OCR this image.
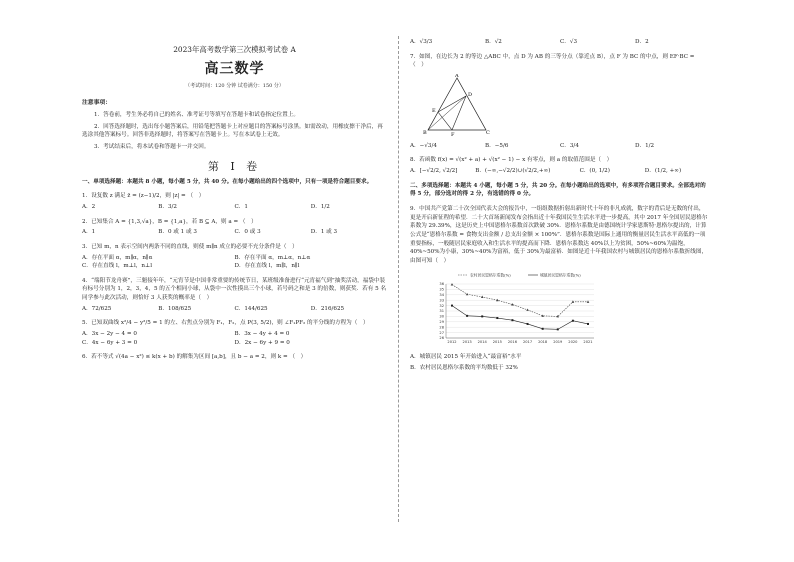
2023年高考数学第三次模拟考试卷 A
高三数学
（考试时间：120 分钟 试卷满分：150 分）
注意事项：

1．答卷前，考生务必将自己的姓名、准考证号等填写在答题卡和试卷指定位置上。

2．回答选择题时，选出每小题答案后，用铅笔把答题卡上对应题目的答案标号涂黑。如需改动，用橡皮擦干净后，再选涂其他答案标号。回答非选择题时，将答案写在答题卡上。写在本试卷上无效。

3．考试结束后，将本试卷和答题卡一并交回。

第 I 卷
一、单项选择题：本题共 8 小题，每小题 5 分，共 40 分。在每小题给出的四个选项中，只有一项是符合题目要求。
1．设复数 z 满足 z̄ = (z−1)/2，则 |z| = （　）
A．2	B．3/2	C．1	D．1/2
2．已知集合 A = {1,3,√a}，B = {1,a}，若 B ⊆ A，则 a = （　）
A．1	B．0 或 1 或 3	C．0 或 3	D．1 或 3
3．已知 m，n 表示空间内两条不同的直线，则使 m∥n 成立的必要不充分条件是（　）
A．存在平面 α，m∥α，n∥α	B．存在平面 α，m⊥α，n⊥α
C．存在直线 l，m⊥l，n⊥l	D．存在直线 l，m∥l，n∥l
4．“端阳节龙舟赛”，三魁接年年，“元宵节是中国非常重要的传统节日，某班级准备进行“元宵福气到”抽奖活动，福袋中装有标号分别为 1，2，3，4，5 的五个相同小球，从袋中一次性摸出三个小球，若号码之和是 3 的倍数，则获奖．若有 5 名同学参与此次活动，则恰好 3 人获奖的概率是（　）
A．72/625	B．108/625	C．144/625	D．216/625
5．已知双曲线 x²/4 − y²/5 = 1 的左、右焦点分别为 F₁，F₂，点 P(3, 5/2)，则 ∠F₁PF₂ 的平分线的方程为（　）
A．3x − 2y − 4 = 0	B．3x − 4y + 4 = 0
C．4x − 6y + 3 = 0	D．2x − 6y + 9 = 0
6．若不等式 √(4a − x²) ≤ k(x + b) 的解集为区间 [a,b]，且 b − a = 2，则 k = （　）
A．√3/3	B．√2	C．√3	D．2
7．如图，在边长为 2 的等边 △ABC 中，点 D 为 AB 的三等分点（靠近点 B），点 F 为 BC 的中点，则 EF·BC = （　）
A
B	C
D
E
F
A．−√3/4	B．−5/6	C．3/4	D．1/2
8．若函数 f(x) = √(x² + a) + √(x² − 1) − x 有零点，则 a 的取值范围是（　）
A．[−√2/2, √2/2]	B．(−∞,−√2/2)∪(√2/2,+∞)	C．(0, 1/2)	D．(1/2, +∞)
二、多项选择题：本题共 4 小题，每小题 5 分，共 20 分。在每小题给出的选项中，有多项符合题目要求。全部选对的得 5 分，部分选对的得 2 分，有选错的得 0 分。
9．中国共产党第二十次全国代表大会的报告中，一组组数据折射出新时代十年的非凡成就，数字的背后是无数的付出，更是开启新征程的希望．二十大首场新闻发布会指出近十年我国民生生活水平进一步提高，其中 2017 年全国居民恩格尔系数为 29.39%，这是历史上中国恩格尔系数首次跌破 30%．恩格尔系数是由德国统计学家恩斯特·恩格尔提出的，计算公式是“恩格尔系数 = 食物支出金额 / 总支出金额 × 100%”．恩格尔系数是国际上通用的衡量居民生活水平高低的一项重要指标，一般随居民家庭收入和生活水平的提高而下降．恩格尔系数达 40%以上为贫困，50%~60%为温饱，40%~50%为小康，30%~40%为富裕，低于 30%为最富裕．如图是近十年我国农村与城镇居民的恩格尔系数折线图，由图可知（　）
26
27
28
29
30
31
32
33
34
35
36
2012 2013 2014 2015 2016 2017 2018 2019 2020 2021
农村居民恩格尔系数(%)	城镇居民恩格尔系数(%)
A．城镇居民 2015 年开始进入“最富裕”水平
B．农村居民恩格尔系数的平均数低于 32%
